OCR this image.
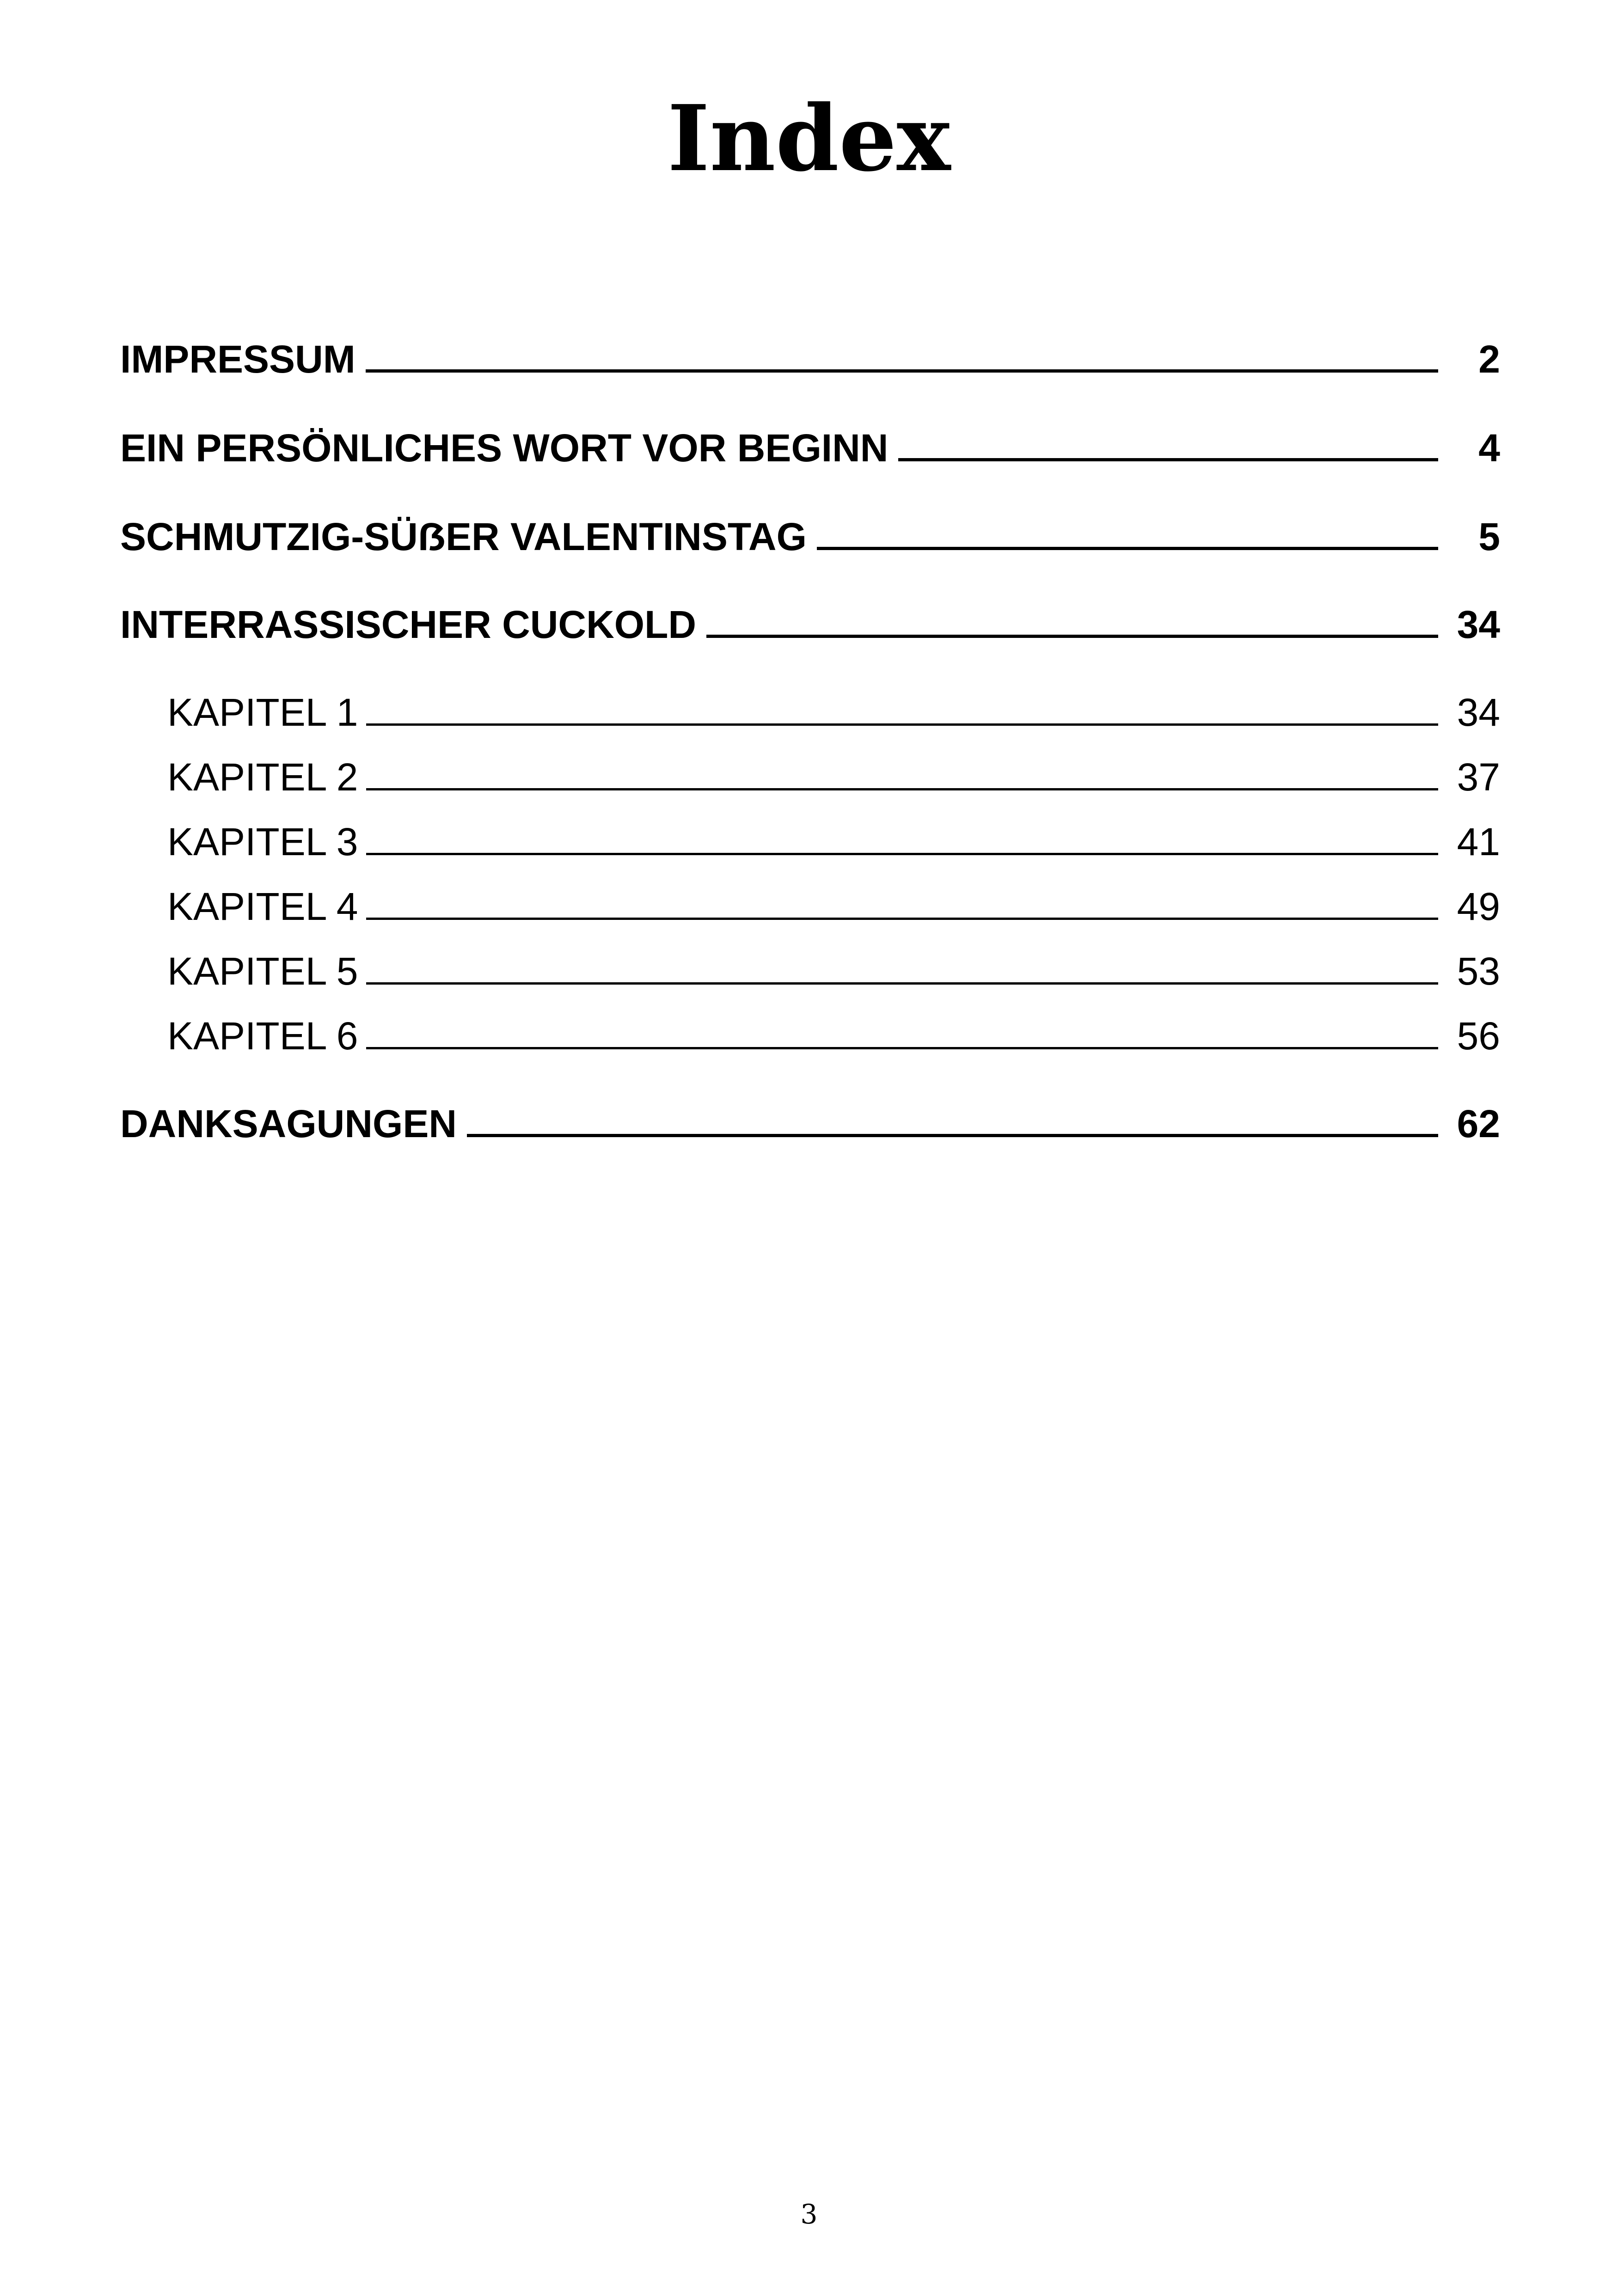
Index
IMPRESSUM	2
EIN PERSÖNLICHES WORT VOR BEGINN	4
SCHMUTZIG-SÜẞER VALENTINSTAG	5
INTERRASSISCHER CUCKOLD	34
KAPITEL 1	34
KAPITEL 2	37
KAPITEL 3	41
KAPITEL 4	49
KAPITEL 5	53
KAPITEL 6	56
DANKSAGUNGEN	62
3
